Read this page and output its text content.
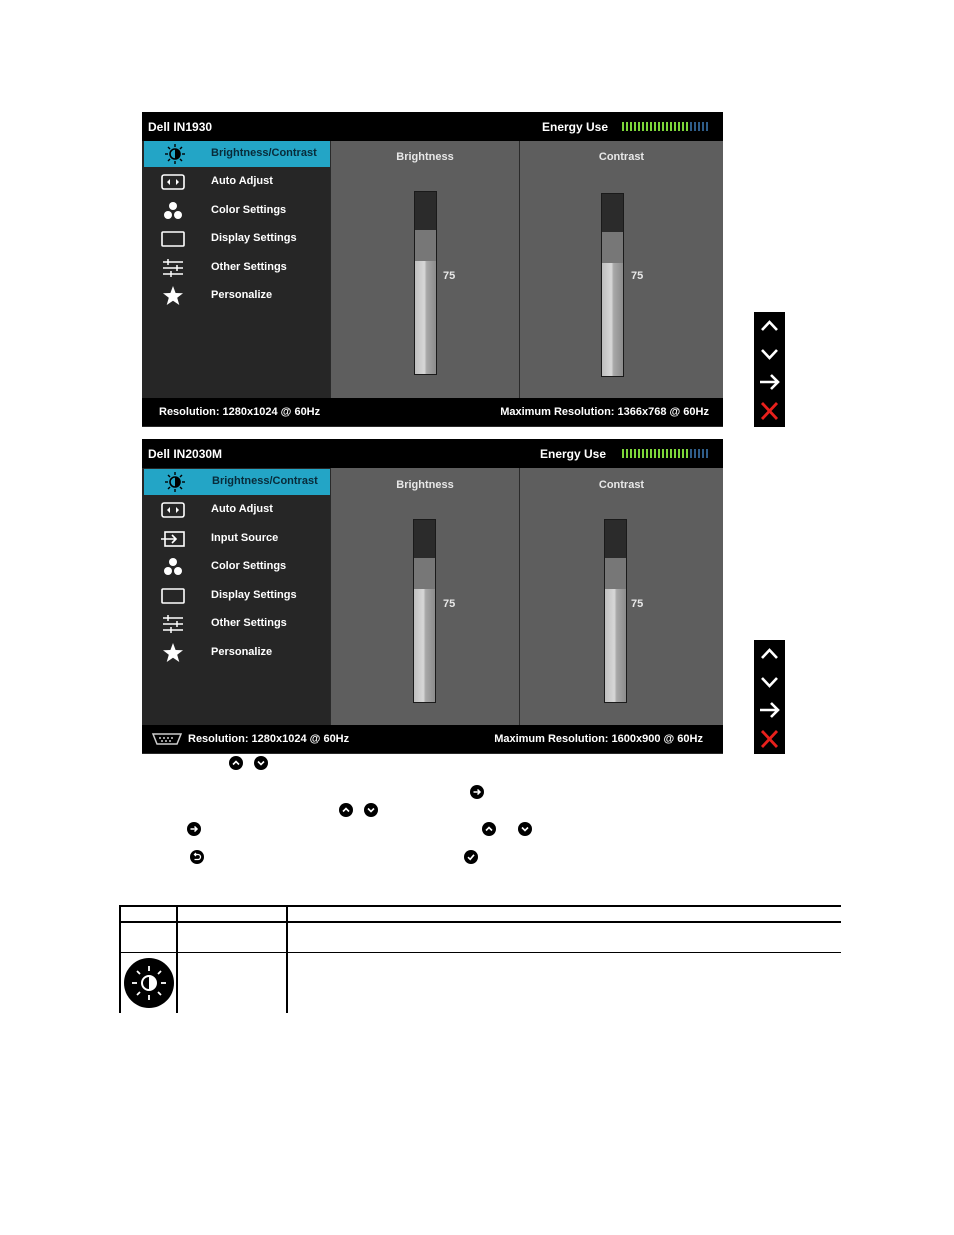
Dell IN1930	Energy Use
Brightness/Contrast
Auto Adjust
Color Settings
Display Settings
Other Settings
Personalize
Brightness
75
Contrast
75
Resolution: 1280x1024 @ 60Hz	Maximum Resolution: 1366x768 @ 60Hz
Dell IN2030M	Energy Use
Brightness/Contrast
Auto Adjust
Input Source
Color Settings
Display Settings
Other Settings
Personalize
Brightness
75
Contrast
75
Resolution: 1280x1024 @ 60Hz	Maximum Resolution: 1600x900 @ 60Hz
